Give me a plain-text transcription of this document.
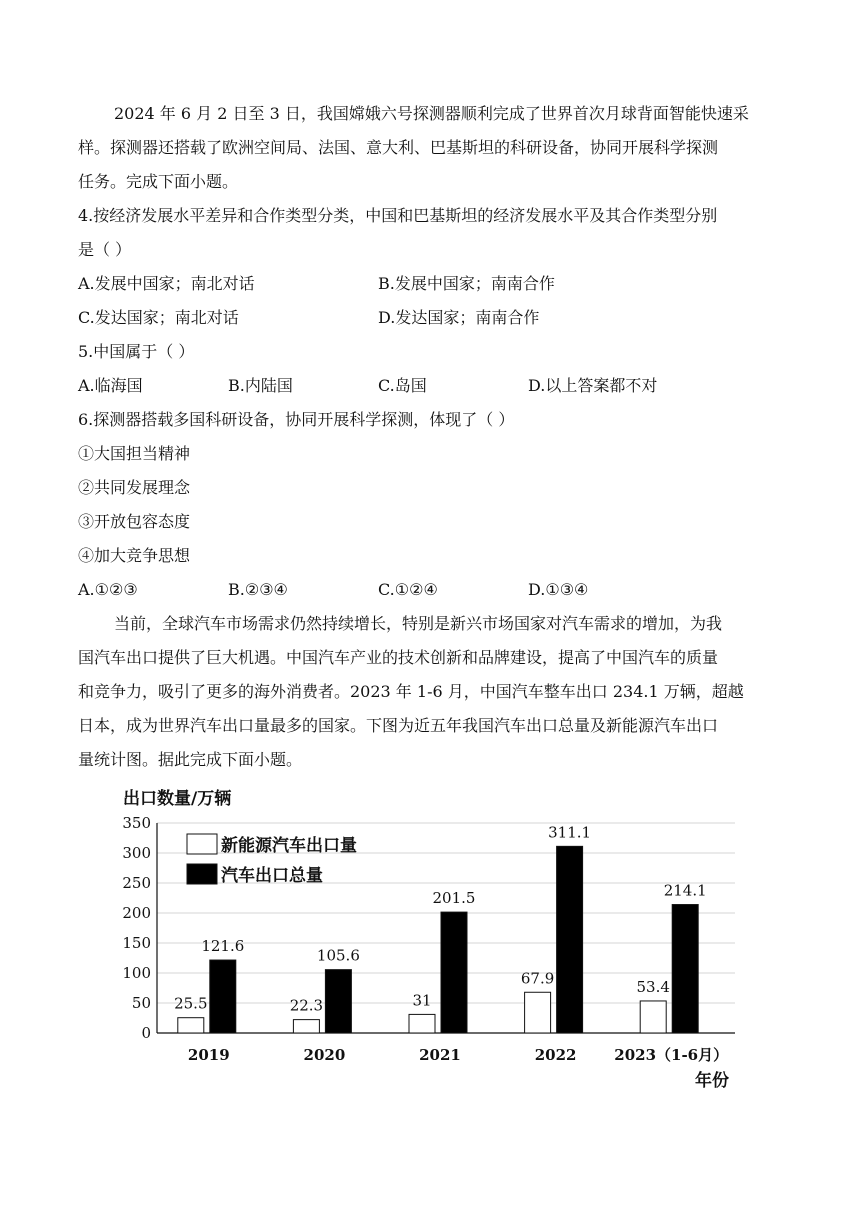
2024 年 6 月 2 日至 3 日，我国嫦娥六号探测器顺利完成了世界首次月球背面智能快速采
样。探测器还搭载了欧洲空间局、法国、意大利、巴基斯坦的科研设备，协同开展科学探测
任务。完成下面小题。
4.按经济发展水平差异和合作类型分类，中国和巴基斯坦的经济发展水平及其合作类型分别
是（ ）
A.发展中国家；南北对话	B.发展中国家；南南合作
C.发达国家；南北对话	D.发达国家；南南合作
5.中国属于（ ）
A.临海国	B.内陆国	C.岛国	D.以上答案都不对
6.探测器搭载多国科研设备，协同开展科学探测，体现了（ ）
①大国担当精神
②共同发展理念
③开放包容态度
④加大竞争思想
A.①②③	B.②③④	C.①②④	D.①③④
当前，全球汽车市场需求仍然持续增长，特别是新兴市场国家对汽车需求的增加，为我
国汽车出口提供了巨大机遇。中国汽车产业的技术创新和品牌建设，提高了中国汽车的质量
和竞争力，吸引了更多的海外消费者。2023 年 1-6 月，中国汽车整车出口 234.1 万辆，超越
日本，成为世界汽车出口量最多的国家。下图为近五年我国汽车出口总量及新能源汽车出口
量统计图。据此完成下面小题。
出口数量/万辆
0
50
100
150
200
250
300
350
25.5
121.6
2019
22.3
105.6
2020
31
201.5
2021
67.9
311.1
2022
53.4
214.1
2023（1-6月）
新能源汽车出口量
汽车出口总量
年份
